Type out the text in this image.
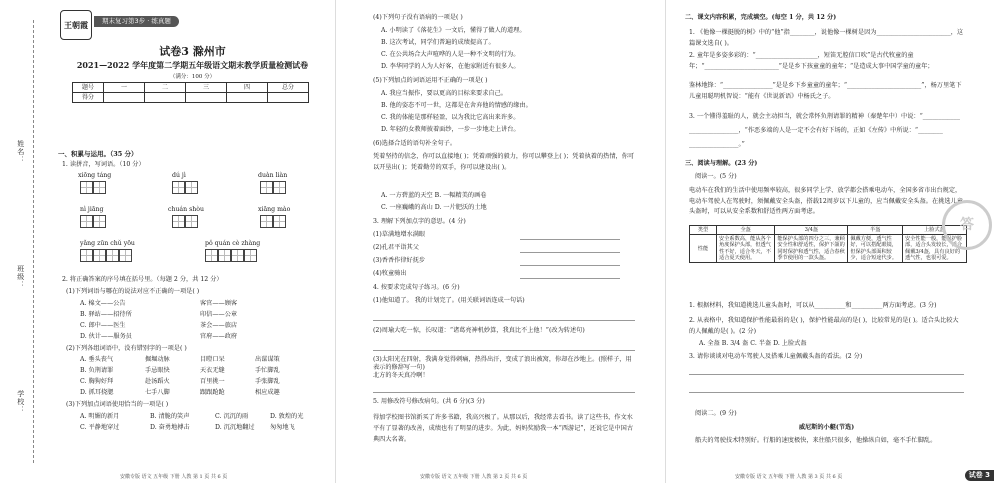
姓名：
班级：
学校：
王朝霞	期末复习第3步 · 练真题
试卷3 滁州市
2021—2022 学年度第二学期五年级语文期末教学质量检测试卷
（满分：100 分）
题号	一	二	三	四	总分
得分					
一、积累与运用。（35 分）
1. 读拼音，写词语。（10 分）
xiōng táng	dú jì	duàn liàn
nì jiāng	chuán shòu	xiāng mào
yǎng zūn chǔ yōu	pǒ quán cè zhàng
2. 将正确答案的序号填在括号里。（每题 2 分，共 12 分）
(1)下列词语与哪在的说法对应不正确的一项是( )
A. 棉文——公告	客官——顾客
B. 驿站——招待所	印信——公章
C. 郎中——医生	茶会——旅店
D. 伙计——服务员	官府——政府
(2)下列各组词语中，没有错别字的一项是( )
A. 垂头丧气	掘堀动脉	目瞪口呆	出谋谋策
B. 负荆请罪	手忌眼快	天衣无缝	手忙脚乱
C. 胸狗好拜	赴汤蹈火	百里挑一	手张脚乱
D. 抓耳挠腮	七手八脚	跟跟跄跄	相应成趣
(3)下列加点词语使用恰当的一项是( )
A. 明媚的新月	B. 清脆的笑声	C. 沉沉的雨	D. 敦煌的光
C. 平静地穿过	D. 奋勇地搏击	D. 沉沉地翻过 匆匆地飞
安徽专版 语文 五年级 下册 人教 第 1 页 共 6 页
(4)下列句子没有语病的一项是( )
A. 小明读了《落花生》一文后，懂得了做人的道理。
B. 这次考试，同学们普遍的成绩提高了。
C. 在公共场合大声喧哗的人是一种不文明的行为。
D. 李华同学的人为人好客，在他家附近有很多人。
(5)下列加点的词语运用不正确的一项是( )
A. 我应当振作，要以更高的目标来要求自己。
B. 他的姿态不可一世，这都是在舍弃他的情感的缘由。
C. 我的体能是那样轻盈，以为我比它高出来许多。
D. 年轻的女教师披着面纱，一步一步地走上讲台。
(6)选择合适的语句补全句子。
凭着坚持的信念，你可以直接地( )；凭着顽强的毅力，你可以攀登上( )；凭着执着的热情，你可以开垦出( )；凭着勤劳的双手，你可以建设出( )。
A. 一方碧蓝的天空 B. 一幅精美的画卷
C. 一座巍峨的高山 D. 一片肥沃的土地
3. 理解下列加点字的意思。(4 分)
(1)草满地增水满眼
(2)孔君平诣其父
(3)香香作律好抚步
(4)牧童骑出
4. 按要求完成句子练习。(6 分)
(1)他知道了。 我的计划完了。(用关联词语连成一句话)
(2)周瑜大吃一惊，长叹道：“诸葛亮神机妙算，我真比不上他！”(改为转述句)
(3)太阳光在四射，我满身觉得刺痛，热得出汗，变成了浪出被窝，你却在沙地上。(照样子，用表示的修辞写一句)
北方的冬天真冷啊！
5. 用修改符号修改病句。(共 6 分)(3 分)
得加学校图书馆新买了许多书籍，我高兴极了。从那以后，我经常去看书。读了这些书，作文水平有了显著的改善，成绩也有了明显的进步。为此，妈妈奖励我一本“西游记”，还说它是中国古典四大名著。
安徽专版 语文 五年级 下册 人教 第 2 页 共 6 页
二、课文内容积累，完成填空。(每空 1 分，共 12 分)
1. 《他像一棵挺脱的树》中的“他”指________，说他像一棵树是因为________________________，这篇课文选自( )。
2. 童年是多姿多彩的：“____________________，短笛无腔信口吹”是古代牧童的童年；“________________________”是是乡下孩童童的童年；“是造成大事中国学童的童年；
鉴林地锋：“________________”是是乡下乡童童的童年；“________________________”，杨万里笔下儿童用聪明机智说：“能有《世说新语》中杨氏之子。
3. 一个懂得羞耻的人，就会主动担当，就会常怀负荆请罪的精神（秦楚年中）中说：“____________
________________，“作恶多端的人是一定不会有好下场的，正如《左传》中所说：“________
________________。”
三、阅读与理解。(23 分)
阅读一。(5 分)
电动车在我们的生活中使用频率较高，很多同学上学、放学都会搭乘电动车，全国多省市出台规定，电动车驾驶人在驾驶时，须佩戴安全头盔，搭载12周岁以下儿童的，应当佩戴安全头盔。在挑选儿童头盔时，可以从安全系数和舒适性两方面考虑。
类型	全盔	3/4盔	半盔	上脸式盔
性能	安全系数高，能从各个角度保护头部，但透气性不好，适合冬天，不适合夏天使用。	能保护头部的四分之三，兼顾安全性和舒适性，保护下颌的同时保护和透气性，适合春秋季节使用的一款头盔。	佩戴方便，透气性好，可以搭配眼镜，但保护头部面积较少，适合短途代步。	安全性能一般，能保护脸部，适合头发较长，适合佩戴3/4盔，具有良好的透气性，也很可爱。
1. 根据材料，我知道挑选儿童头盔时，可以从__________和__________两方面考虑。(3 分)
2. 从表格中，我知道保护性能最弱的是( )，保护性能最高的是( )，比较常见的是( )。适合头比较大的人佩戴的是( )。(2 分)
A. 全盔 B. 3/4 盔 C. 半盔 D. 上脸式盔
3. 请你谈谈对电动车驾驶人及搭乘儿童佩戴头盔的看法。(2 分)
阅读二。(9 分)
威尼斯的小艇(节选)
船夫的驾驶技术特别好。行船的速度极快，来往船只很多，他操纵自如，毫不手忙脚乱。
答
安徽专版 语文 五年级 下册 人教 第 3 页 共 6 页	试卷 3
